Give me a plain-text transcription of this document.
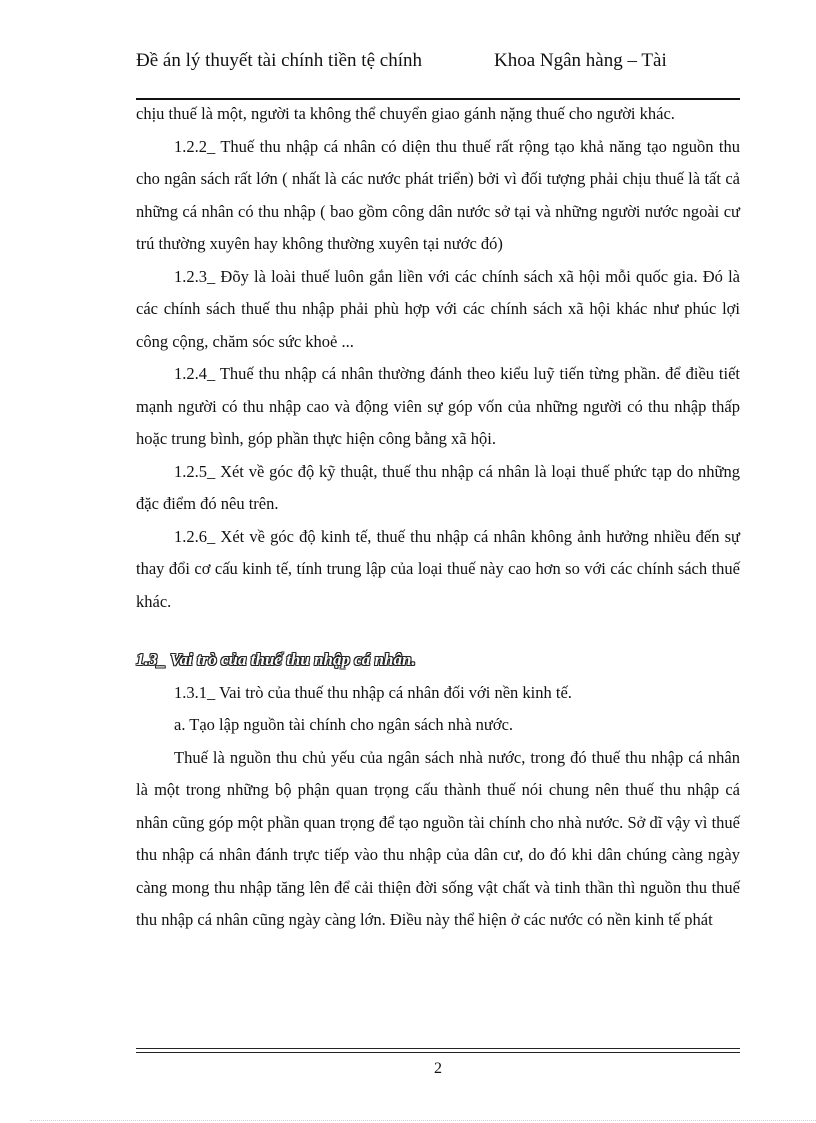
Đề án lý thuyết tài chính tiền tệ chính	Khoa Ngân hàng – Tài

chịu thuế là một, người ta không thể chuyển giao gánh nặng thuế cho người khác.

1.2.2_ Thuế thu nhập cá nhân có diện thu thuế rất rộng tạo khả năng tạo nguồn thu cho ngân sách rất lớn ( nhất là các nước phát triển) bởi vì đối tượng phải chịu thuế là tất cả những cá nhân có thu nhập ( bao gồm công dân nước sở tại và những người nước ngoài cư trú thường xuyên hay không thường xuyên tại nước đó)

1.2.3_ Đõy là loài thuế luôn gắn liền với các chính sách xã hội mỗi quốc gia. Đó là các chính sách thuế thu nhập phải phù hợp với các chính sách xã hội khác như phúc lợi công cộng, chăm sóc sức khoẻ ...

1.2.4_ Thuế thu nhập cá nhân thường đánh theo kiểu luỹ tiến từng phần. để điều tiết mạnh người có thu nhập cao và động viên sự góp vốn của những người có thu nhập thấp hoặc trung bình, góp phần thực hiện công bằng xã hội.

1.2.5_ Xét về góc độ kỹ thuật, thuế thu nhập cá nhân là loại thuế phức tạp do những đặc điểm đó nêu trên.

1.2.6_ Xét về góc độ kinh tế, thuế thu nhập cá nhân không ảnh hưởng nhiều đến sự thay đổi cơ cấu kinh tế, tính trung lập của loại thuế này cao hơn so với các chính sách thuế khác.

1.3_ Vai trò của thuế thu nhập cá nhân.

1.3.1_ Vai trò của thuế thu nhập cá nhân đối với nền kinh tế.

a. Tạo lập nguồn tài chính cho ngân sách nhà nước.

Thuế là nguồn thu chủ yếu của ngân sách nhà nước, trong đó thuế thu nhập cá nhân là một trong những bộ phận quan trọng cấu thành thuế nói chung nên thuế thu nhập cá nhân cũng góp một phần quan trọng để tạo nguồn tài chính cho nhà nước. Sở dĩ vậy vì thuế thu nhập cá nhân đánh trực tiếp vào thu nhập của dân cư, do đó khi dân chúng càng ngày càng mong thu nhập tăng lên để cải thiện đời sống vật chất và tinh thần thì nguồn thu thuế thu nhập cá nhân cũng ngày càng lớn. Điều này thể hiện ở các nước có nền kinh tế phát

2
